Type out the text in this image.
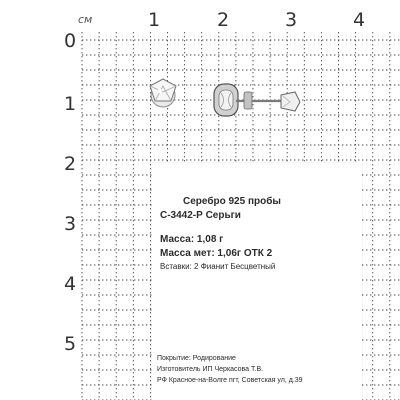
см	1	2	3	4
0
1
2
3
4
5
Серебро 925 пробы
С-3442-Р Серьги
Масса: 1,08 г
Масса мет: 1,06г ОТК 2
Вставки: 2 Фианит Бесцветный
Покрытие: Родирование
Изготовитель ИП Черкасова Т.В.
РФ Красное-на-Волге пгт, Советская ул, д.39
